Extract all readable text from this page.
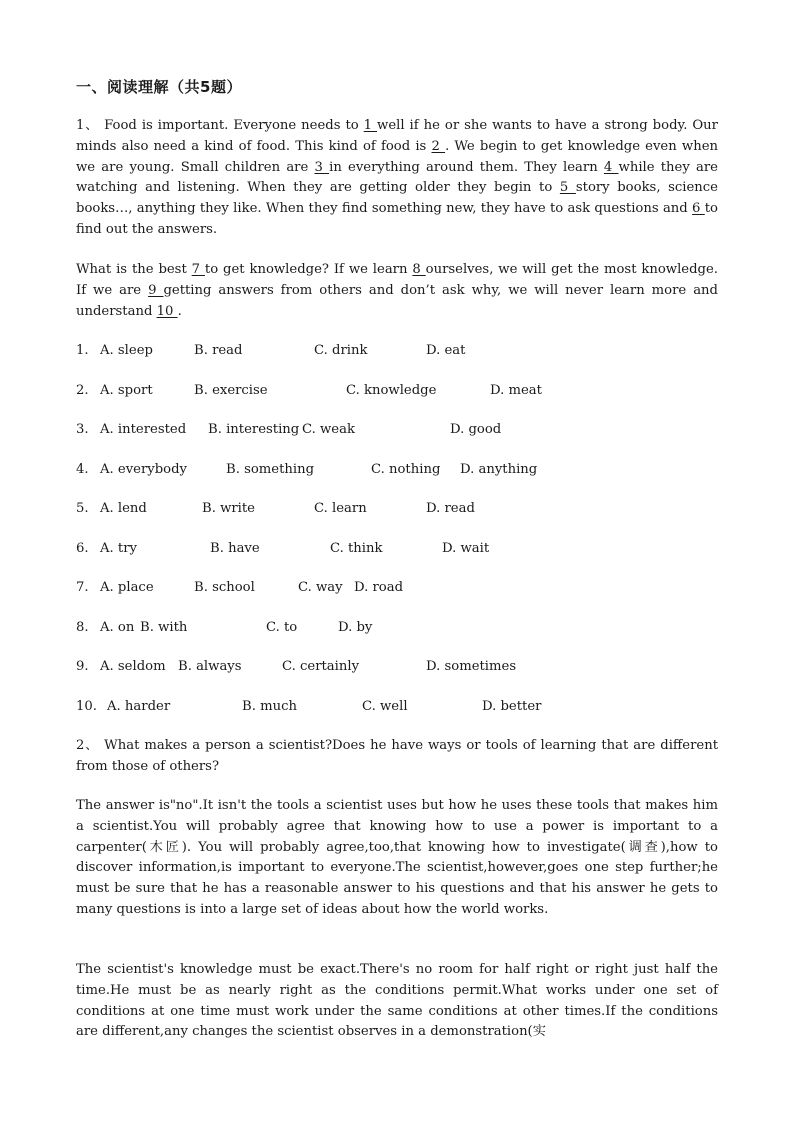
一、阅读理解（共5题）
1、 Food is important. Everyone needs to 1 well if he or she wants to have a strong body. Our minds also need a kind of food. This kind of food is 2 . We begin to get knowledge even when we are young. Small children are 3 in everything around them. They learn 4 while they are watching and listening. When they are getting older they begin to 5 story books, science books…, anything they like. When they find something new, they have to ask questions and 6 to find out the answers.
What is the best 7 to get knowledge? If we learn 8 ourselves, we will get the most knowledge. If we are 9 getting answers from others and don’t ask why, we will never learn more and understand 10 .
1. A. sleep	B. read	C. drink	D. eat
2. A. sport	B. exercise	C. knowledge	D. meat
3. A. interested B. interesting C. weak	D. good
4. A. everybody	B. something	C. nothing D. anything
5. A. lend	B. write	C. learn	D. read
6. A. try	B. have	C. think	D. wait
7. A. place	B. school	C. way D. road
8. A. on B. with	C. to	D. by
9. A. seldom B. always	C. certainly	D. sometimes
10. A. harder	B. much	C. well	D. better
2、 What makes a person a scientist?Does he have ways or tools of learning that are different from those of others?
The answer is"no".It isn't the tools a scientist uses but how he uses these tools that makes him a scientist.You will probably agree that knowing how to use a power is important to a carpenter(木匠). You will probably agree,too,that knowing how to investigate(调查),how to discover information,is important to everyone.The scientist,however,goes one step further;he must be sure that he has a reasonable answer to his questions and that his answer he gets to many questions is into a large set of ideas about how the world works.
The scientist's knowledge must be exact.There's no room for half right or right just half the time.He must be as nearly right as the conditions permit.What works under one set of conditions at one time must work under the same conditions at other times.If the conditions are different,any changes the scientist observes in a demonstration(实
